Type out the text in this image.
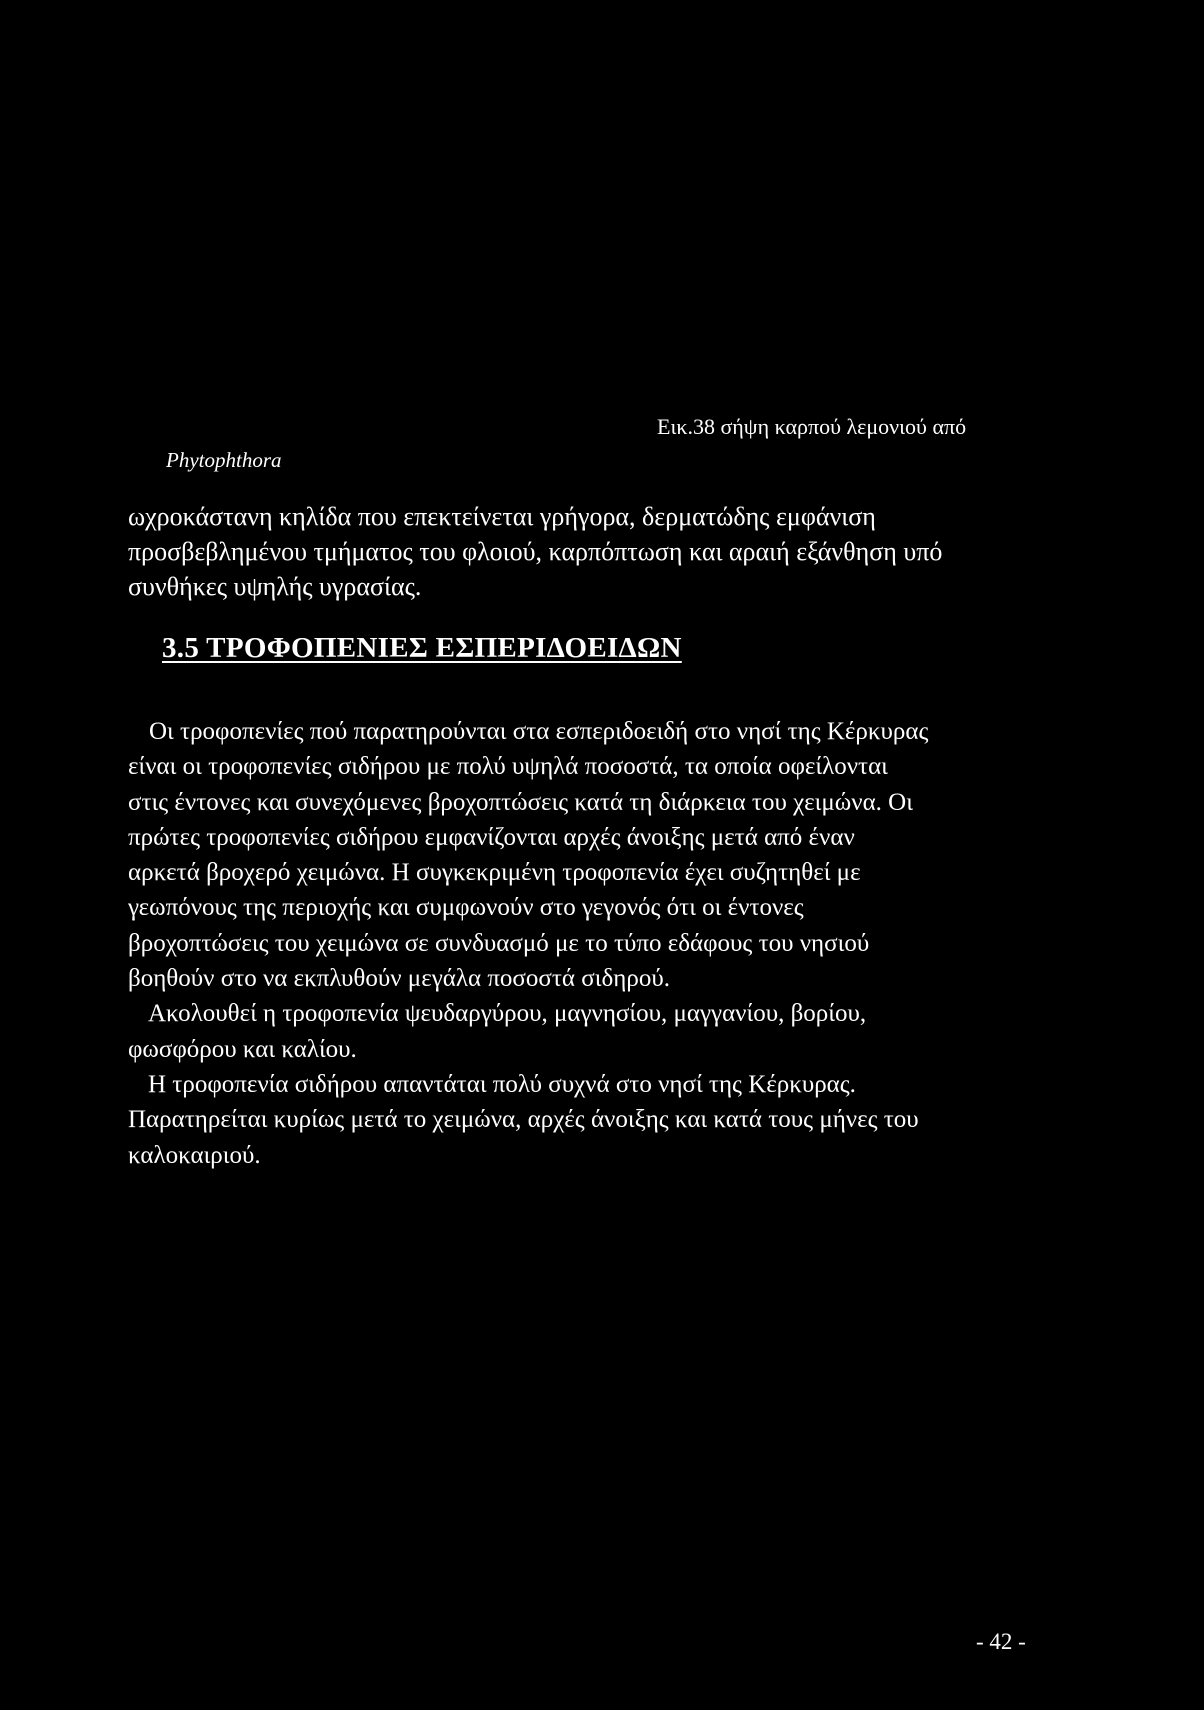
Εικ.38 σήψη καρπού λεμονιού από
Phytophthora
ωχροκάστανη κηλίδα που επεκτείνεται γρήγορα, δερματώδης εμφάνιση
προσβεβλημένου τμήματος του φλοιού, καρπόπτωση και αραιή εξάνθηση υπό
συνθήκες υψηλής υγρασίας.
3.5 ΤΡΟΦΟΠΕΝΙΕΣ ΕΣΠΕΡΙΔΟΕΙΔΩΝ
Οι τροφοπενίες πού παρατηρούνται στα εσπεριδοειδή στο νησί της Κέρκυρας
είναι οι τροφοπενίες σιδήρου με πολύ υψηλά ποσοστά, τα οποία οφείλονται
στις έντονες και συνεχόμενες βροχοπτώσεις κατά τη διάρκεια του χειμώνα. Οι
πρώτες τροφοπενίες σιδήρου εμφανίζονται αρχές άνοιξης μετά από έναν
αρκετά βροχερό χειμώνα. Η συγκεκριμένη τροφοπενία έχει συζητηθεί με
γεωπόνους της περιοχής και συμφωνούν στο γεγονός ότι οι έντονες
βροχοπτώσεις του χειμώνα σε συνδυασμό με το τύπο εδάφους του νησιού
βοηθούν στο να εκπλυθούν μεγάλα ποσοστά σιδηρού.
Ακολουθεί η τροφοπενία ψευδαργύρου, μαγνησίου, μαγγανίου, βορίου,
φωσφόρου και καλίου.
Η τροφοπενία σιδήρου απαντάται πολύ συχνά στο νησί της Κέρκυρας.
Παρατηρείται κυρίως μετά το χειμώνα, αρχές άνοιξης και κατά τους μήνες του
καλοκαιριού.
- 42 -
